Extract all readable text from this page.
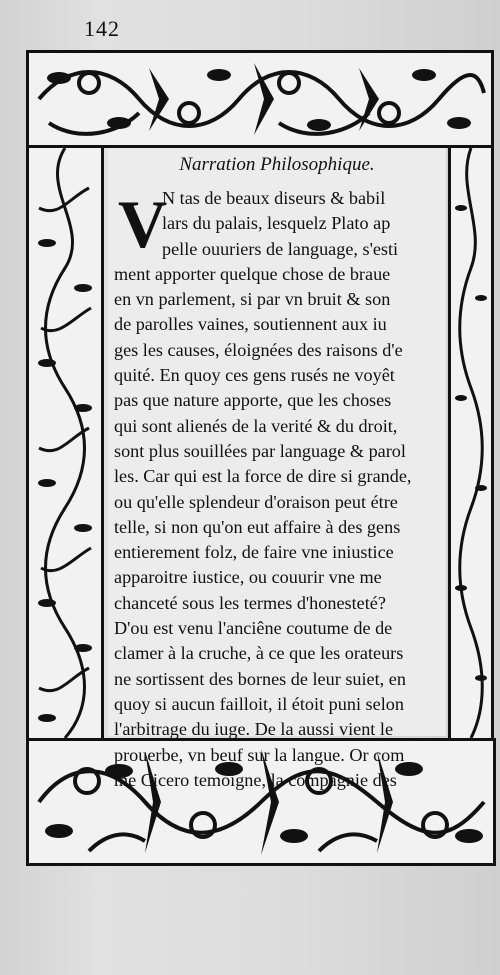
142
Narration Philosophique.
V
N tas de beaux diseurs & babil
lars du palais, lesquelz Plato ap
pelle ouuriers de language, s'esti
ment apporter quelque chose de braue
en vn parlement, si par vn bruit & son
de parolles vaines, soutiennent aux iu
ges les causes, éloignées des raisons d'e
quité. En quoy ces gens rusés ne voyêt
pas que nature apporte, que les choses
qui sont alienés de la verité & du droit,
sont plus souillées par language & parol
les. Car qui est la force de dire si grande,
ou qu'elle splendeur d'oraison peut étre
telle, si non qu'on eut affaire à des gens
entierement folz, de faire vne iniustice
apparoitre iustice, ou couurir vne me
chanceté sous les termes d'honesteté?
D'ou est venu l'anciêne coutume de de
clamer à la cruche, à ce que les orateurs
ne sortissent des bornes de leur suiet, en
quoy si aucun failloit, il étoit puni selon
l'arbitrage du iuge. De la aussi vient le
prouerbe, vn beuf sur la langue. Or com
me Cicero temoigne, la compagnie des
